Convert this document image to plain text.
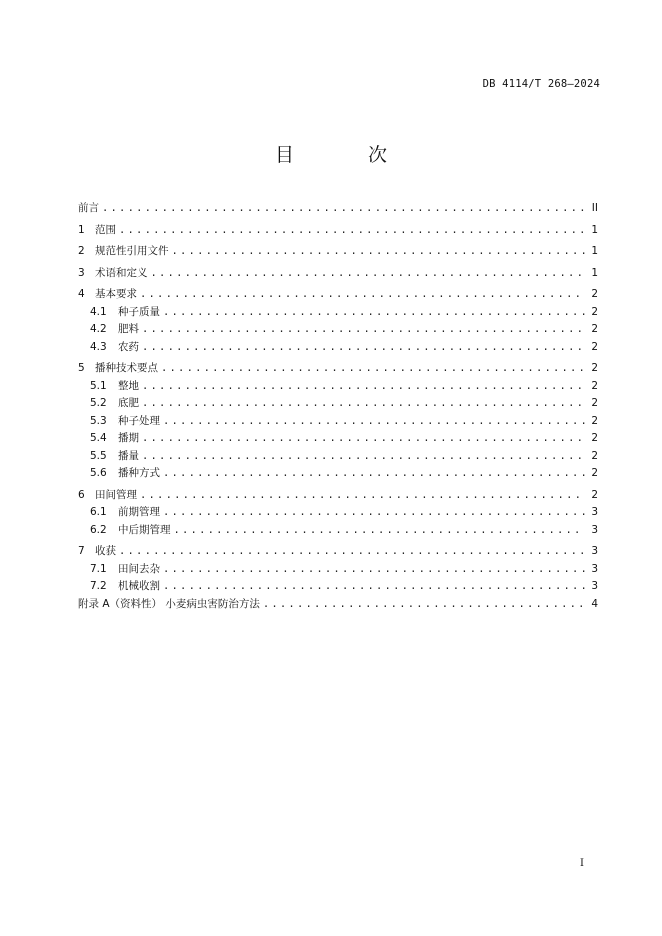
DB 4114/T 268—2024
目 次
前言 .....	II
1 范围 .....	1
2 规范性引用文件 .....	1
3 术语和定义 .....	1
4 基本要求 .....	2
4.1	种子质量 .....	2
4.2	肥料 .....	2
4.3	农药 .....	2
5 播种技术要点 .....	2
5.1	整地 .....	2
5.2	底肥 .....	2
5.3	种子处理 .....	2
5.4	播期 .....	2
5.5	播量 .....	2
5.6	播种方式 .....	2
6 田间管理 .....	2
6.1	前期管理 .....	3
6.2	中后期管理 .....	3
7 收获 .....	3
7.1	田间去杂 .....	3
7.2	机械收割 .....	3
附录 A（资料性） 小麦病虫害防治方法 .....	4
I
